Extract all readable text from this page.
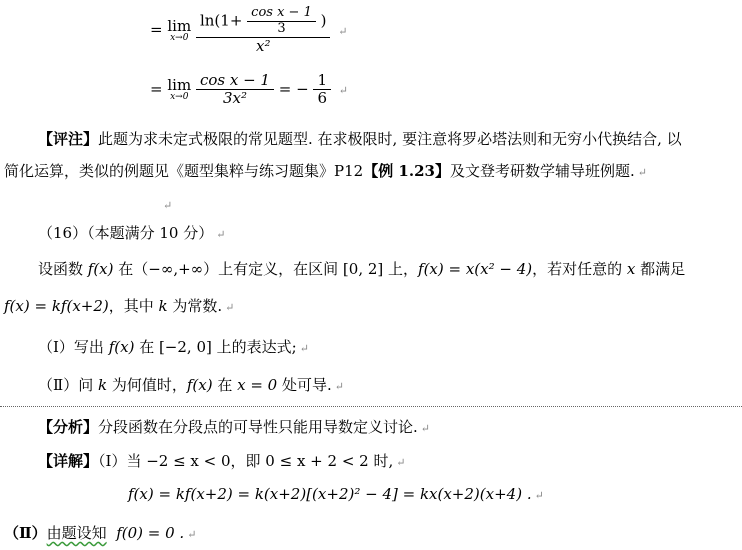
= lim
x→0
$\frac{\ln(1+ \frac{\text{cos x − 1}}{3} )}{\text{x²}}$ ↵
= lim
x→0
$\frac{\text{cos x − 1}}{\text{3x²}}$ = − $\frac{1}{6}$ ↵
【评注】此题为求未定式极限的常见题型. 在求极限时, 要注意将罗必塔法则和无穷小代换结合, 以
简化运算，类似的例题见《题型集粹与练习题集》P12【例 1.23】及文登考研数学辅导班例题. ↵
↵
（16）（本题满分 10 分） ↵
设函数 f(x) 在（−∞,+∞）上有定义，在区间 [0, 2] 上，f(x) = x(x² − 4)，若对任意的 x 都满足
f(x) = kf(x+2)，其中 k 为常数. ↵
（Ⅰ）写出 f(x) 在 [−2, 0] 上的表达式; ↵
（Ⅱ）问 k 为何值时，f(x) 在 x = 0 处可导. ↵
【分析】分段函数在分段点的可导性只能用导数定义讨论. ↵
【详解】（Ⅰ）当 −2 ≤ x < 0，即 0 ≤ x + 2 < 2 时, ↵
f(x) = kf(x+2) = k(x+2)[(x+2)² − 4] = kx(x+2)(x+4) . ↵
（Ⅱ）由题设知 f(0) = 0 . ↵
